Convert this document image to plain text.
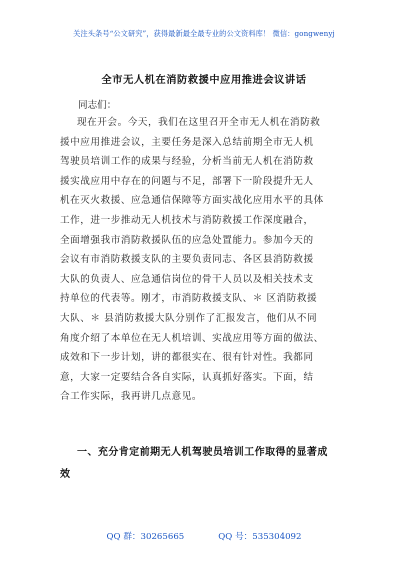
关注头条号“公文研究”，获得最新最全最专业的公文资料库！ 微信：gongwenyj
全市无人机在消防救援中应用推进会议讲话
同志们：
现在开会。今天，我们在这里召开全市无人机在消防救
援中应用推进会议，主要任务是深入总结前期全市无人机
驾驶员培训工作的成果与经验，分析当前无人机在消防救
援实战应用中存在的问题与不足，部署下一阶段提升无人
机在灭火救援、应急通信保障等方面实战化应用水平的具体
工作，进一步推动无人机技术与消防救援工作深度融合，
全面增强我市消防救援队伍的应急处置能力。参加今天的
会议有市消防救援支队的主要负责同志、各区县消防救援
大队的负责人、应急通信岗位的骨干人员以及相关技术支
持单位的代表等。刚才，市消防救援支队、＊ 区消防救援
大队、＊ 县消防救援大队分别作了汇报发言，他们从不同
角度介绍了本单位在无人机培训、实战应用等方面的做法、
成效和下一步计划，讲的都很实在、很有针对性。我都同
意，大家一定要结合各自实际，认真抓好落实。下面，结
合工作实际，我再讲几点意见。
一、充分肯定前期无人机驾驶员培训工作取得的显著成
效
QQ 群：30265665	QQ 号：535304092
